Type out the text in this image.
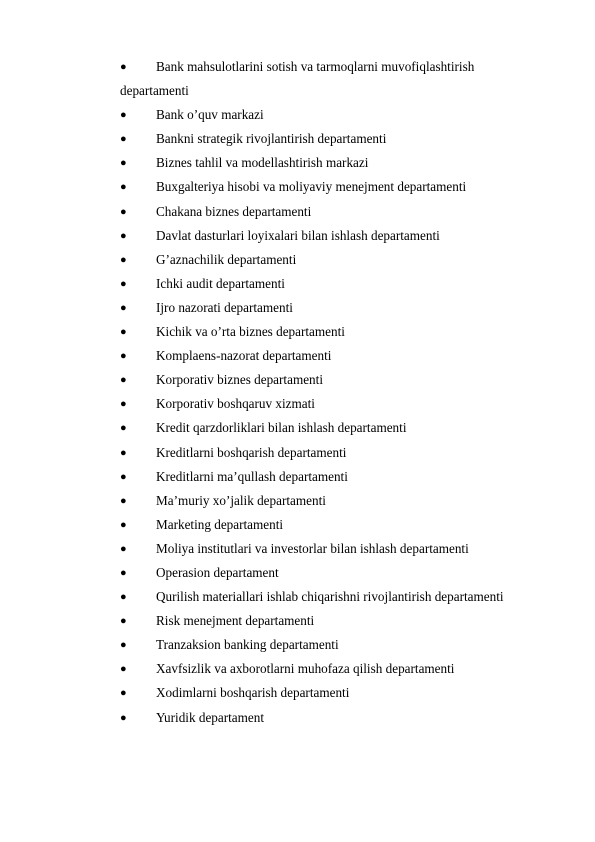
●	Bank mahsulotlarini sotish va tarmoqlarni muvofiqlashtirish
departamenti
●	Bank o’quv markazi
●	Bankni strategik rivojlantirish departamenti
●	Biznes tahlil va modellashtirish markazi
●	Buxgalteriya hisobi va moliyaviy menejment departamenti
●	Chakana biznes departamenti
●	Davlat dasturlari loyixalari bilan ishlash departamenti
●	G’aznachilik departamenti
●	Ichki audit departamenti
●	Ijro nazorati departamenti
●	Kichik va o’rta biznes departamenti
●	Komplaens-nazorat departamenti
●	Korporativ biznes departamenti
●	Korporativ boshqaruv xizmati
●	Kredit qarzdorliklari bilan ishlash departamenti
●	Kreditlarni boshqarish departamenti
●	Kreditlarni ma’qullash departamenti
●	Ma’muriy xo’jalik departamenti
●	Marketing departamenti
●	Moliya institutlari va investorlar bilan ishlash departamenti
●	Operasion departament
●	Qurilish materiallari ishlab chiqarishni rivojlantirish departamenti
●	Risk menejment departamenti
●	Tranzaksion banking departamenti
●	Xavfsizlik va axborotlarni muhofaza qilish departamenti
●	Xodimlarni boshqarish departamenti
●	Yuridik departament
